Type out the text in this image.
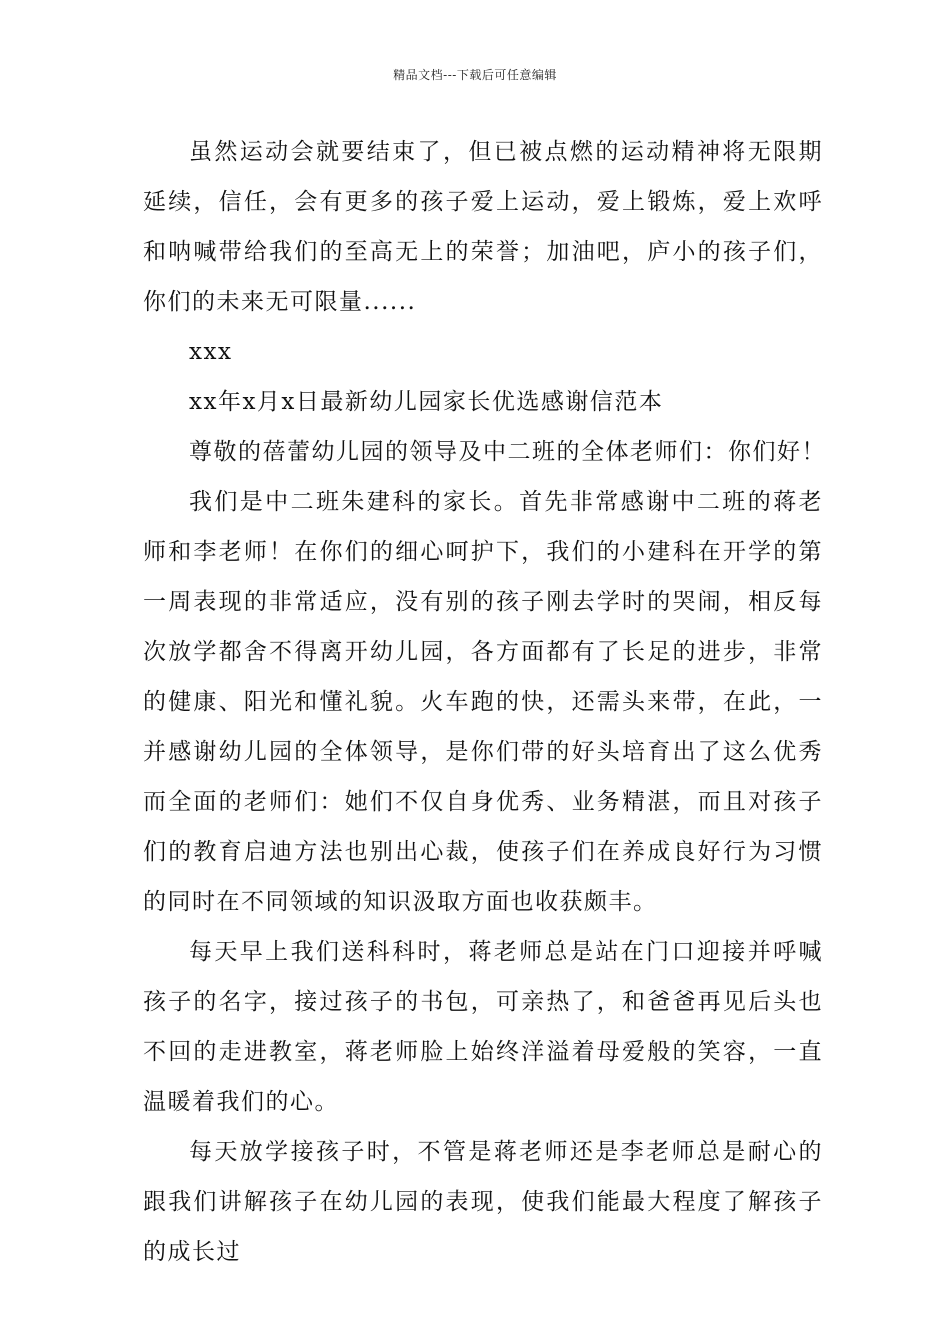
精品文档---下载后可任意编辑

虽然运动会就要结束了，但已被点燃的运动精神将无限期延续，信任，会有更多的孩子爱上运动，爱上锻炼，爱上欢呼和呐喊带给我们的至高无上的荣誉；加油吧，庐小的孩子们，你们的未来无可限量......

xxx

xx年x月x日最新幼儿园家长优选感谢信范本

尊敬的蓓蕾幼儿园的领导及中二班的全体老师们：你们好！

我们是中二班朱建科的家长。首先非常感谢中二班的蒋老师和李老师！在你们的细心呵护下，我们的小建科在开学的第一周表现的非常适应，没有别的孩子刚去学时的哭闹，相反每次放学都舍不得离开幼儿园，各方面都有了长足的进步，非常的健康、阳光和懂礼貌。火车跑的快，还需头来带，在此，一并感谢幼儿园的全体领导，是你们带的好头培育出了这么优秀而全面的老师们：她们不仅自身优秀、业务精湛，而且对孩子们的教育启迪方法也别出心裁，使孩子们在养成良好行为习惯的同时在不同领域的知识汲取方面也收获颇丰。

每天早上我们送科科时，蒋老师总是站在门口迎接并呼喊孩子的名字，接过孩子的书包，可亲热了，和爸爸再见后头也不回的走进教室，蒋老师脸上始终洋溢着母爱般的笑容，一直温暖着我们的心。

每天放学接孩子时，不管是蒋老师还是李老师总是耐心的跟我们讲解孩子在幼儿园的表现，使我们能最大程度了解孩子的成长过
